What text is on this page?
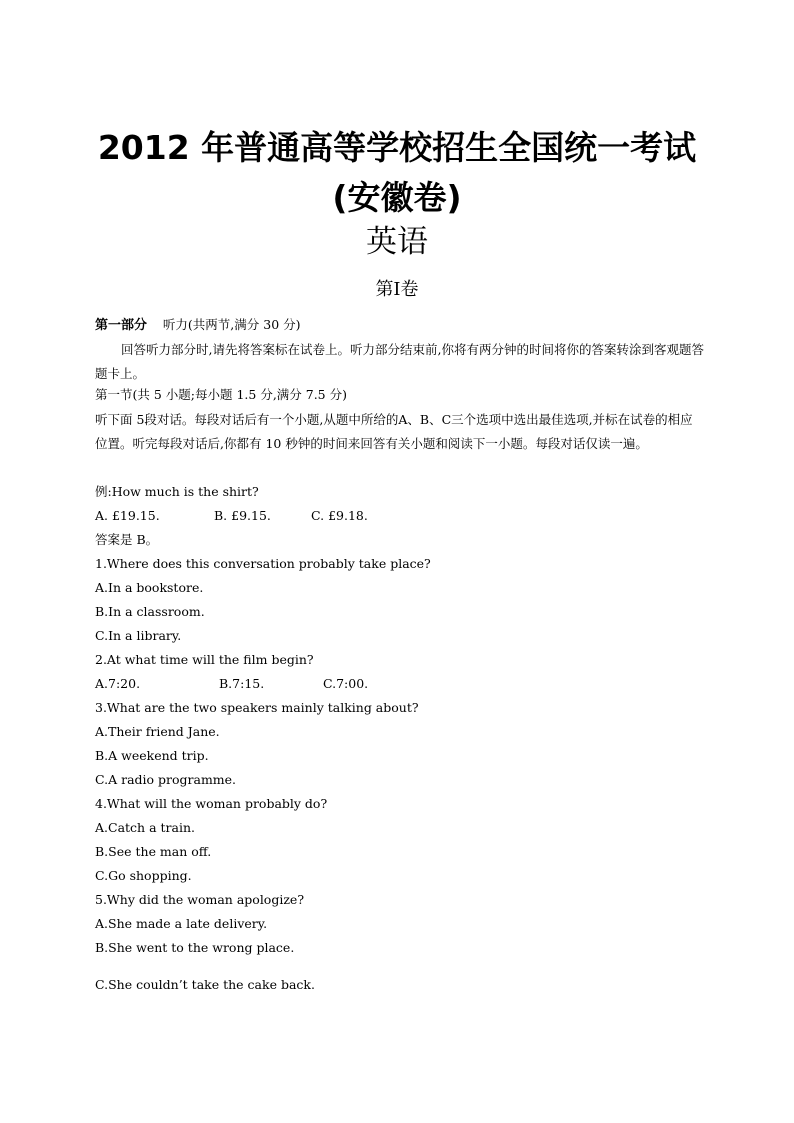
2012 年普通高等学校招生全国统一考试(安徽卷)
英语
第Ⅰ卷
第一部分 听力(共两节,满分 30 分)
回答听力部分时,请先将答案标在试卷上。听力部分结束前,你将有两分钟的时间将你的答案转涂到客观题答题卡上。
第一节(共 5 小题;每小题 1.5 分,满分 7.5 分)
听下面 5段对话。每段对话后有一个小题,从题中所给的A、B、C三个选项中选出最佳选项,并标在试卷的相应位置。听完每段对话后,你都有 10 秒钟的时间来回答有关小题和阅读下一小题。每段对话仅读一遍。
例:How much is the shirt?
A. £19.15.	B. £9.15.	C. £9.18.
答案是 B。
1.Where does this conversation probably take place?
A.In a bookstore.
B.In a classroom.
C.In a library.
2.At what time will the film begin?
A.7:20.	B.7:15.	C.7:00.
3.What are the two speakers mainly talking about?
A.Their friend Jane.
B.A weekend trip.
C.A radio programme.
4.What will the woman probably do?
A.Catch a train.
B.See the man off.
C.Go shopping.
5.Why did the woman apologize?
A.She made a late delivery.
B.She went to the wrong place.
C.She couldn’t take the cake back.
